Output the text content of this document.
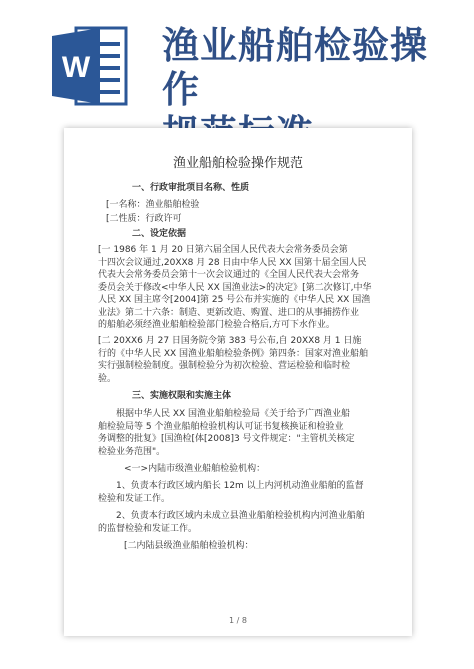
W
渔业船舶检验操作

渔业船舶检验操作规范
一、行政审批项目名称、性质
[一名称：渔业船舶检验
[二性质：行政许可
二、设定依据
[一 1986 年 1 月 20 日第六届全国人民代表大会常务委员会第
十四次会议通过,20XX8 月 28 日由中华人民 XX 国第十届全国人民
代表大会常务委员会第十一次会议通过的《全国人民代表大会常务
委员会关于修改<中华人民 XX 国渔业法>的决定》[第二次修订,中华
人民 XX 国主席令[2004]第 25 号公布并实施的《中华人民 XX 国渔
业法》第二十六条：制造、更新改造、购置、进口的从事捕捞作业
的船舶必须经渔业船舶检验部门检验合格后,方可下水作业。
[二 20XX6 月 27 日国务院令第 383 号公布,自 20XX8 月 1 日施
行的《中华人民 XX 国渔业船舶检验条例》第四条：国家对渔业船舶
实行强制检验制度。强制检验分为初次检验、营运检验和临时检
验。
三、实施权限和实施主体
根据中华人民 XX 国渔业船舶检验局《关于给予广西渔业船
舶检验局等 5 个渔业船舶检验机构认可证书复核换证和检验业
务调整的批复》[国渔检[体[2008]3 号文件规定："主管机关核定
检验业务范围"。
<一>内陆市级渔业船舶检验机构：
1、负责本行政区域内船长 12m 以上内河机动渔业船舶的监督
检验和发证工作。
2、负责本行政区域内未成立县渔业船舶检验机构内河渔业船舶
的监督检验和发证工作。
[二内陆县级渔业船舶检验机构：
1 / 8
